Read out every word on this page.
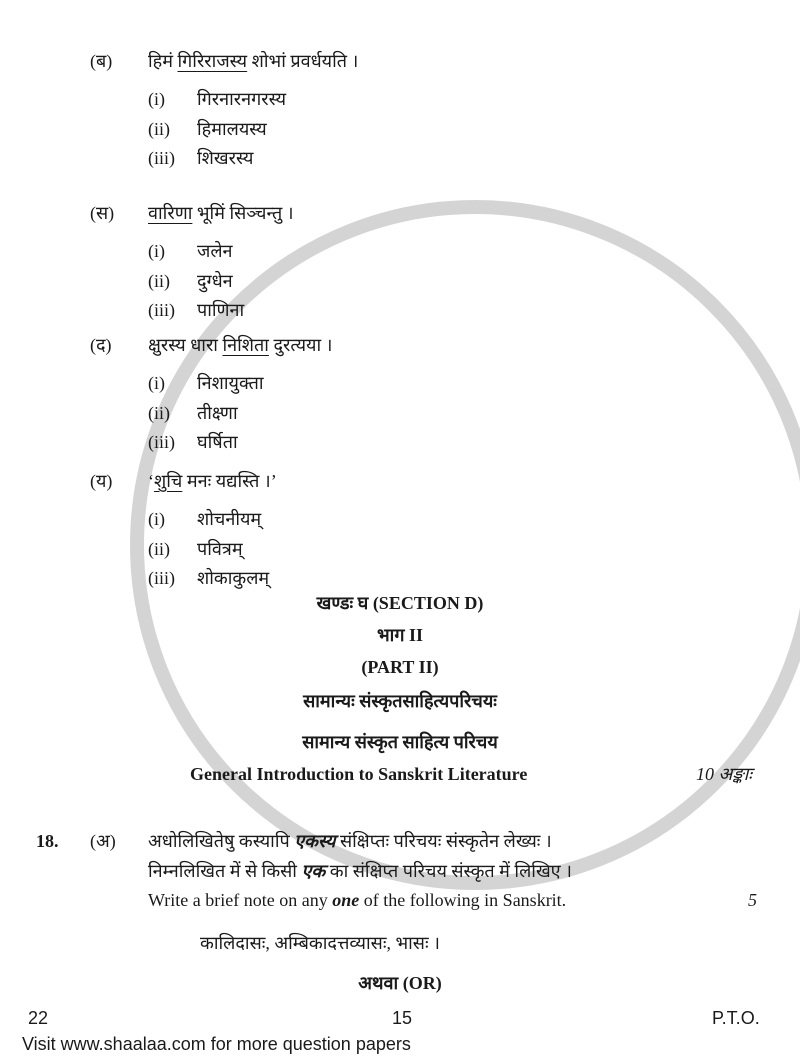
(ब) हिमं गिरिराजस्य शोभां प्रवर्धयति ।
(i) गिरनारनगरस्य
(ii) हिमालयस्य
(iii) शिखरस्य
(स) वारिणा भूमिं सिञ्चन्तु ।
(i) जलेन
(ii) दुग्धेन
(iii) पाणिना
(द) क्षुरस्य धारा निशिता दुरत्यया ।
(i) निशायुक्ता
(ii) तीक्ष्णा
(iii) घर्षिता
(य) ‘शुचि मनः यद्यस्ति ।’
(i) शोचनीयम्
(ii) पवित्रम्
(iii) शोकाकुलम्
खण्डः घ (SECTION D)
भाग II
(PART II)
सामान्यः संस्कृतसाहित्यपरिचयः
सामान्य संस्कृत साहित्य परिचय
General Introduction to Sanskrit Literature	10 अङ्काः
18. (अ) अधोलिखितेषु कस्यापि एकस्य संक्षिप्तः परिचयः संस्कृतेन लेख्यः ।
निम्नलिखित में से किसी एक का संक्षिप्त परिचय संस्कृत में लिखिए ।
Write a brief note on any one of the following in Sanskrit.	5
कालिदासः, अम्बिकादत्तव्यासः, भासः ।
अथवा (OR)
22	15	P.T.O.
Visit www.shaalaa.com for more question papers
